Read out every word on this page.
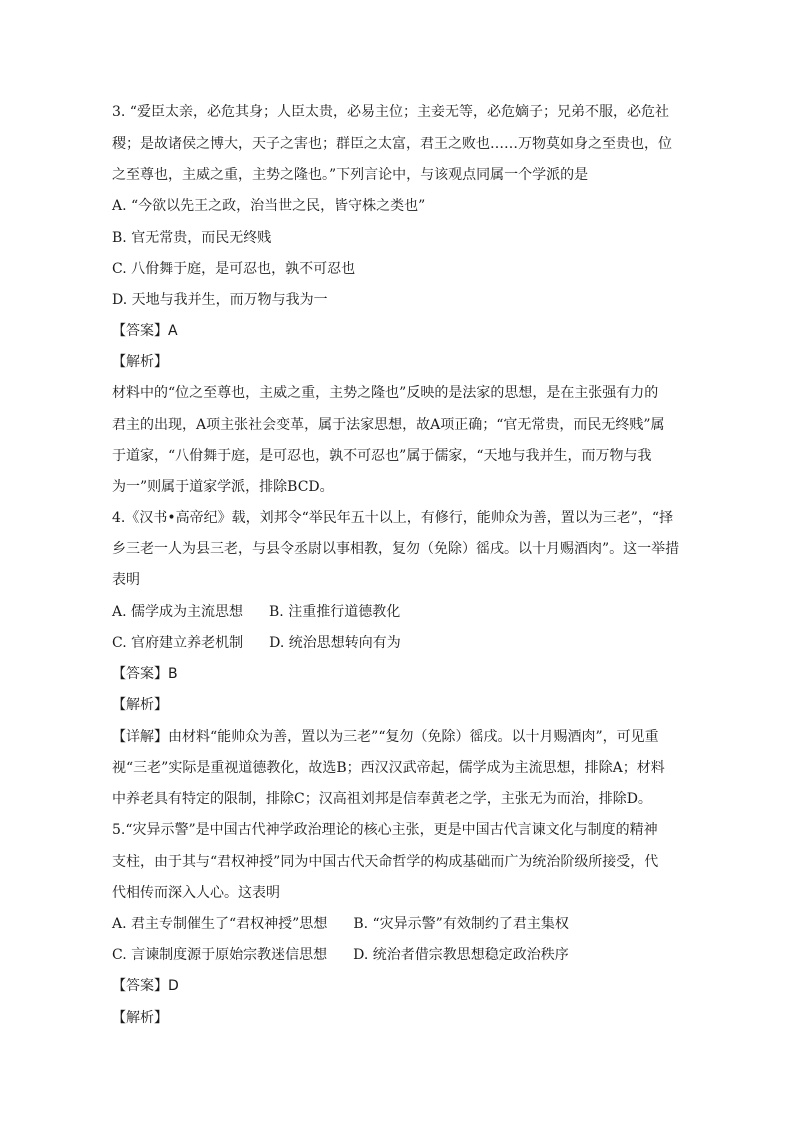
3. “爱臣太亲，必危其身；人臣太贵，必易主位；主妾无等，必危嫡子；兄弟不服，必危社
稷；是故诸侯之博大，天子之害也；群臣之太富，君王之败也……万物莫如身之至贵也，位
之至尊也，主威之重，主势之隆也。”下列言论中，与该观点同属一个学派的是
A. “今欲以先王之政，治当世之民，皆守株之类也”
B. 官无常贵，而民无终贱
C. 八佾舞于庭，是可忍也，孰不可忍也
D. 天地与我并生，而万物与我为一
【答案】A
【解析】
材料中的“位之至尊也，主威之重，主势之隆也”反映的是法家的思想，是在主张强有力的
君主的出现，A项主张社会变革，属于法家思想，故A项正确；“官无常贵，而民无终贱”属
于道家，“八佾舞于庭，是可忍也，孰不可忍也”属于儒家，“天地与我并生，而万物与我
为一”则属于道家学派，排除BCD。
4.《汉书•高帝纪》载，刘邦令“举民年五十以上，有修行，能帅众为善，置以为三老”，“择
乡三老一人为县三老，与县令丞尉以事相教，复勿（免除）徭戌。以十月赐酒肉”。这一举措
表明
A. 儒学成为主流思想 B. 注重推行道德教化
C. 官府建立养老机制 D. 统治思想转向有为
【答案】B
【解析】
【详解】由材料“能帅众为善，置以为三老”“复勿（免除）徭戌。以十月赐酒肉”，可见重
视“三老”实际是重视道德教化，故选B；西汉汉武帝起，儒学成为主流思想，排除A；材料
中养老具有特定的限制，排除C；汉高祖刘邦是信奉黄老之学，主张无为而治，排除D。
5.“灾异示警”是中国古代神学政治理论的核心主张，更是中国古代言谏文化与制度的精神
支柱，由于其与“君权神授”同为中国古代天命哲学的构成基础而广为统治阶级所接受，代
代相传而深入人心。这表明
A. 君主专制催生了“君权神授”思想 B. “灾异示警”有效制约了君主集权
C. 言谏制度源于原始宗教迷信思想 D. 统治者借宗教思想稳定政治秩序
【答案】D
【解析】
